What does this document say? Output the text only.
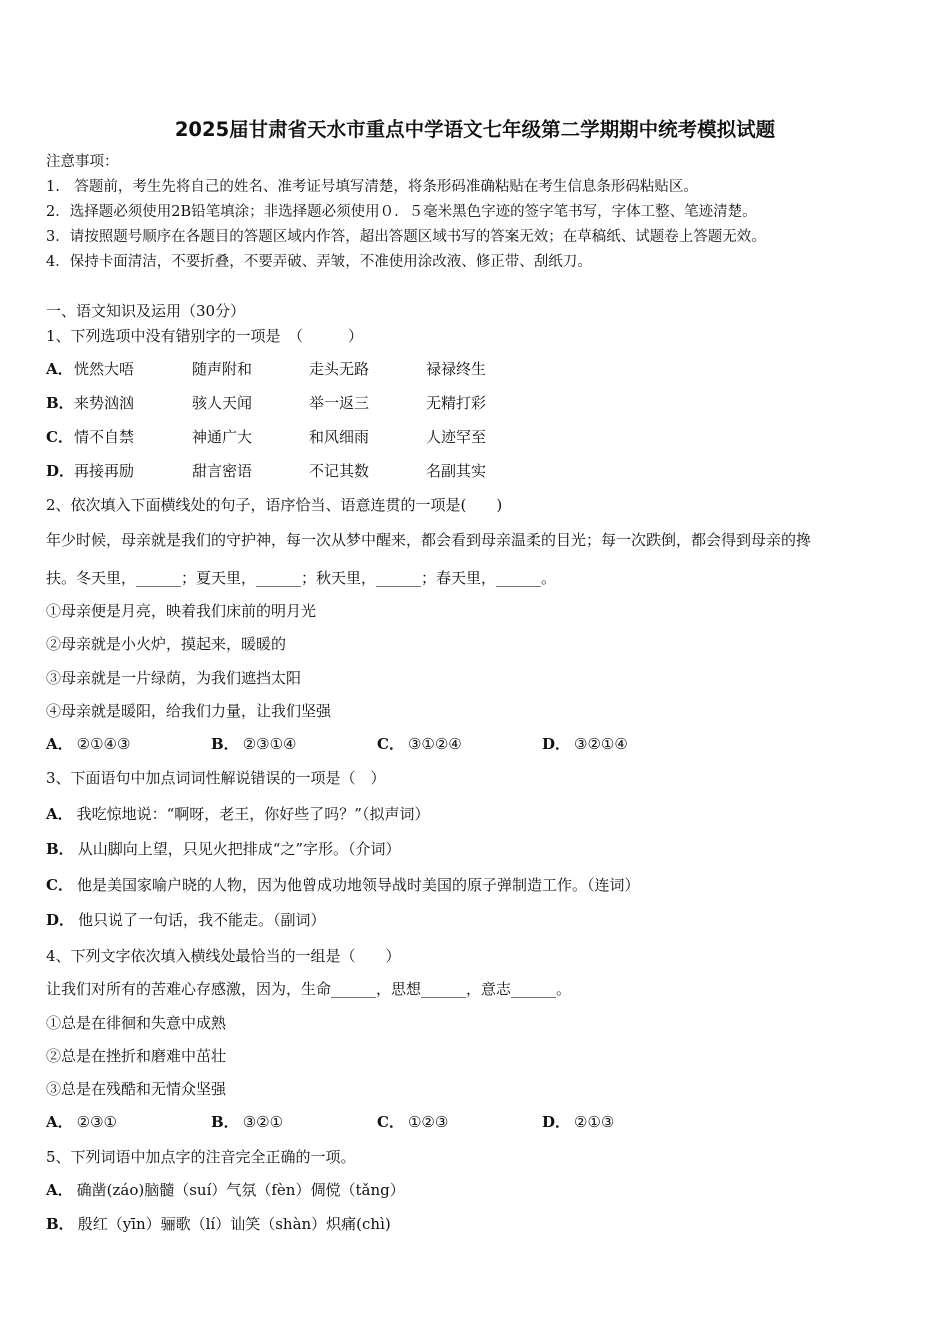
2025届甘肃省天水市重点中学语文七年级第二学期期中统考模拟试题
注意事项：
1.　答题前，考生先将自己的姓名、准考证号填写清楚，将条形码准确粘贴在考生信息条形码粘贴区。
2．选择题必须使用2B铅笔填涂；非选择题必须使用０．５毫米黑色字迹的签字笔书写，字体工整、笔迹清楚。
3．请按照题号顺序在各题目的答题区域内作答，超出答题区域书写的答案无效；在草稿纸、试题卷上答题无效。
4．保持卡面清洁，不要折叠，不要弄破、弄皱，不准使用涂改液、修正带、刮纸刀。
一、语文知识及运用（30分）
1、下列选项中没有错别字的一项是　（　　　）
A． 恍然大唔	随声附和	走头无路	禄禄终生
B． 来势汹汹	骇人天闻	举一返三	无精打彩
C． 情不自禁	神通广大	和风细雨	人迹罕至
D． 再接再励	甜言密语	不记其数	名副其实
2、依次填入下面横线处的句子，语序恰当、语意连贯的一项是(　　)
年少时候，母亲就是我们的守护神，每一次从梦中醒来，都会看到母亲温柔的目光；每一次跌倒，都会得到母亲的搀
扶。冬天里，______；夏天里，______；秋天里，______；春天里，______。
①母亲便是月亮，映着我们床前的明月光
②母亲就是小火炉，摸起来，暖暖的
③母亲就是一片绿荫，为我们遮挡太阳
④母亲就是暖阳，给我们力量，让我们坚强
A． ②①④③	B． ②③①④	C． ③①②④	D． ③②①④
3、下面语句中加点词词性解说错误的一项是（　）
A． 我吃惊地说：“啊呀，老王，你好些了吗？”（拟声词）
B． 从山脚向上望，只见火把排成“之”字形。（介词）
C． 他是美国家喻户晓的人物，因为他曾成功地领导战时美国的原子弹制造工作。（连词）
D． 他只说了一句话，我不能走。（副词）
4、下列文字依次填入横线处最恰当的一组是（　　）
让我们对所有的苦难心存感激，因为，生命______，思想______，意志______。
①总是在徘徊和失意中成熟
②总是在挫折和磨难中茁壮
③总是在残酷和无情众坚强
A． ②③①	B． ③②①	C． ①②③	D． ②①③
5、下列词语中加点字的注音完全正确的一项。
A． 确凿(záo)脑髓（suí）气氛（fèn）倜傥（tǎng）
B． 殷红（yīn）骊歌（lí）讪笑（shàn）炽痛(chì)
